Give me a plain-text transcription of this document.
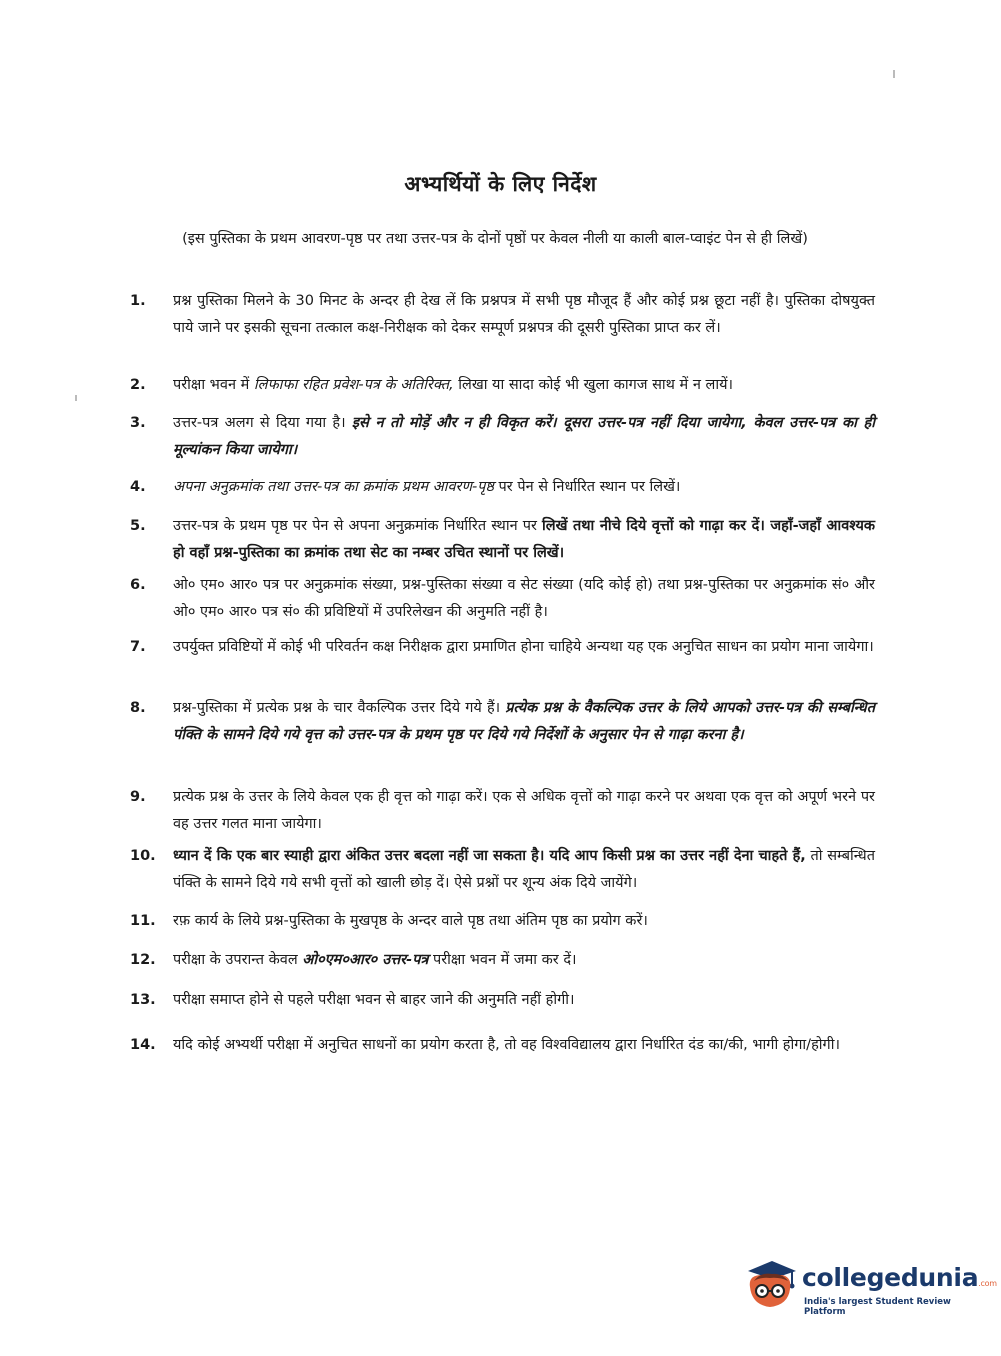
अभ्यर्थियों के लिए निर्देश
(इस पुस्तिका के प्रथम आवरण-पृष्ठ पर तथा उत्तर-पत्र के दोनों पृष्ठों पर केवल नीली या काली बाल-प्वाइंट पेन से ही लिखें)
1.	प्रश्न पुस्तिका मिलने के 30 मिनट के अन्दर ही देख लें कि प्रश्नपत्र में सभी पृष्ठ मौजूद हैं और कोई प्रश्न छूटा नहीं है। पुस्तिका दोषयुक्त पाये जाने पर इसकी सूचना तत्काल कक्ष-निरीक्षक को देकर सम्पूर्ण प्रश्नपत्र की दूसरी पुस्तिका प्राप्त कर लें।
2.	परीक्षा भवन में लिफाफा रहित प्रवेश-पत्र के अतिरिक्त, लिखा या सादा कोई भी खुला कागज साथ में न लायें।
3.	उत्तर-पत्र अलग से दिया गया है। इसे न तो मोड़ें और न ही विकृत करें। दूसरा उत्तर-पत्र नहीं दिया जायेगा, केवल उत्तर-पत्र का ही मूल्यांकन किया जायेगा।
4.	अपना अनुक्रमांक तथा उत्तर-पत्र का क्रमांक प्रथम आवरण-पृष्ठ पर पेन से निर्धारित स्थान पर लिखें।
5.	उत्तर-पत्र के प्रथम पृष्ठ पर पेन से अपना अनुक्रमांक निर्धारित स्थान पर लिखें तथा नीचे दिये वृत्तों को गाढ़ा कर दें। जहाँ-जहाँ आवश्यक हो वहाँ प्रश्न-पुस्तिका का क्रमांक तथा सेट का नम्बर उचित स्थानों पर लिखें।
6.	ओ० एम० आर० पत्र पर अनुक्रमांक संख्या, प्रश्न-पुस्तिका संख्या व सेट संख्या (यदि कोई हो) तथा प्रश्न-पुस्तिका पर अनुक्रमांक सं० और ओ० एम० आर० पत्र सं० की प्रविष्टियों में उपरिलेखन की अनुमति नहीं है।
7.	उपर्युक्त प्रविष्टियों में कोई भी परिवर्तन कक्ष निरीक्षक द्वारा प्रमाणित होना चाहिये अन्यथा यह एक अनुचित साधन का प्रयोग माना जायेगा।
8.	प्रश्न-पुस्तिका में प्रत्येक प्रश्न के चार वैकल्पिक उत्तर दिये गये हैं। प्रत्येक प्रश्न के वैकल्पिक उत्तर के लिये आपको उत्तर-पत्र की सम्बन्धित पंक्ति के सामने दिये गये वृत्त को उत्तर-पत्र के प्रथम पृष्ठ पर दिये गये निर्देशों के अनुसार पेन से गाढ़ा करना है।
9.	प्रत्येक प्रश्न के उत्तर के लिये केवल एक ही वृत्त को गाढ़ा करें। एक से अधिक वृत्तों को गाढ़ा करने पर अथवा एक वृत्त को अपूर्ण भरने पर वह उत्तर गलत माना जायेगा।
10.	ध्यान दें कि एक बार स्याही द्वारा अंकित उत्तर बदला नहीं जा सकता है। यदि आप किसी प्रश्न का उत्तर नहीं देना चाहते हैं, तो सम्बन्धित पंक्ति के सामने दिये गये सभी वृत्तों को खाली छोड़ दें। ऐसे प्रश्नों पर शून्य अंक दिये जायेंगे।
11.	रफ़ कार्य के लिये प्रश्न-पुस्तिका के मुखपृष्ठ के अन्दर वाले पृष्ठ तथा अंतिम पृष्ठ का प्रयोग करें।
12.	परीक्षा के उपरान्त केवल ओ०एम०आर० उत्तर-पत्र परीक्षा भवन में जमा कर दें।
13.	परीक्षा समाप्त होने से पहले परीक्षा भवन से बाहर जाने की अनुमति नहीं होगी।
14.	यदि कोई अभ्यर्थी परीक्षा में अनुचित साधनों का प्रयोग करता है, तो वह विश्वविद्यालय द्वारा निर्धारित दंड का/की, भागी होगा/होगी।
collegedunia.com
India's largest Student Review Platform
